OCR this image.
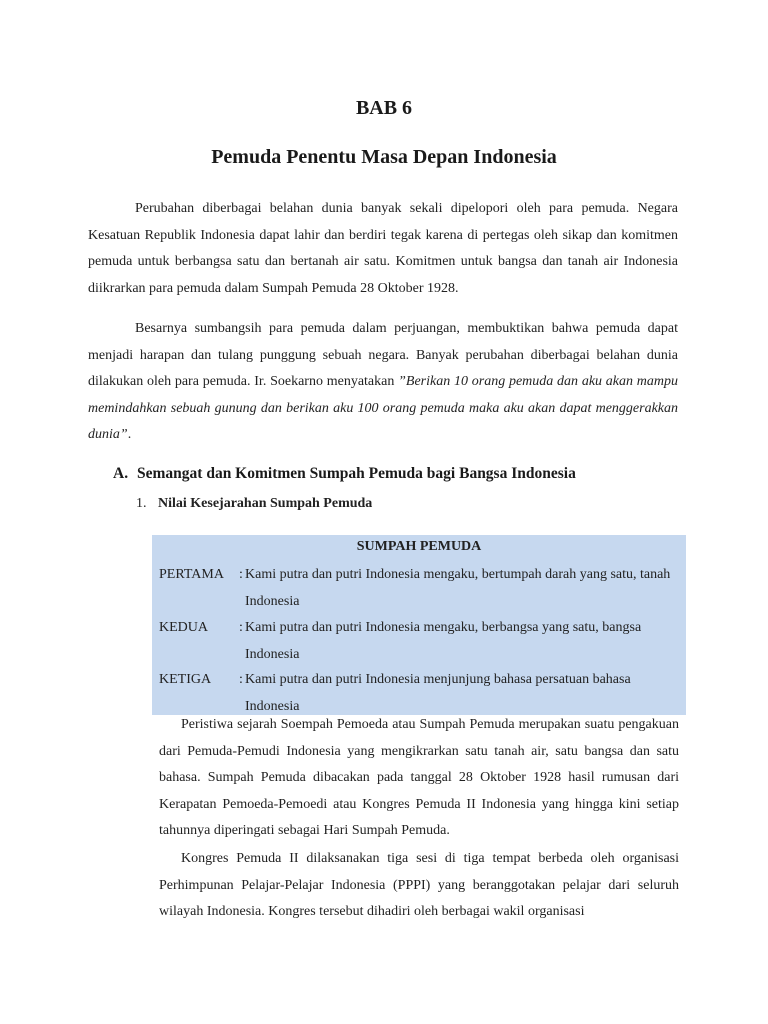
BAB 6
Pemuda Penentu Masa Depan Indonesia

Perubahan diberbagai belahan dunia banyak sekali dipelopori oleh para pemuda. Negara Kesatuan Republik Indonesia dapat lahir dan berdiri tegak karena di pertegas oleh sikap dan komitmen pemuda untuk berbangsa satu dan bertanah air satu. Komitmen untuk bangsa dan tanah air Indonesia diikrarkan para pemuda dalam Sumpah Pemuda 28 Oktober 1928.

Besarnya sumbangsih para pemuda dalam perjuangan, membuktikan bahwa pemuda dapat menjadi harapan dan tulang punggung sebuah negara. Banyak perubahan diberbagai belahan dunia dilakukan oleh para pemuda. Ir. Soekarno menyatakan ”Berikan 10 orang pemuda dan aku akan mampu memindahkan sebuah gunung dan berikan aku 100 orang pemuda maka aku akan dapat menggerakkan dunia”.

A. Semangat dan Komitmen Sumpah Pemuda bagi Bangsa Indonesia
1. Nilai Kesejarahan Sumpah Pemuda
SUMPAH PEMUDA
PERTAMA : Kami putra dan putri Indonesia mengaku, bertumpah darah yang satu, tanah Indonesia
KEDUA : Kami putra dan putri Indonesia mengaku, berbangsa yang satu, bangsa Indonesia
KETIGA : Kami putra dan putri Indonesia menjunjung bahasa persatuan bahasa Indonesia

Peristiwa sejarah Soempah Pemoeda atau Sumpah Pemuda merupakan suatu pengakuan dari Pemuda-Pemudi Indonesia yang mengikrarkan satu tanah air, satu bangsa dan satu bahasa. Sumpah Pemuda dibacakan pada tanggal 28 Oktober 1928 hasil rumusan dari Kerapatan Pemoeda-Pemoedi atau Kongres Pemuda II Indonesia yang hingga kini setiap tahunnya diperingati sebagai Hari Sumpah Pemuda.

Kongres Pemuda II dilaksanakan tiga sesi di tiga tempat berbeda oleh organisasi Perhimpunan Pelajar-Pelajar Indonesia (PPPI) yang beranggotakan pelajar dari seluruh wilayah Indonesia. Kongres tersebut dihadiri oleh berbagai wakil organisasi
